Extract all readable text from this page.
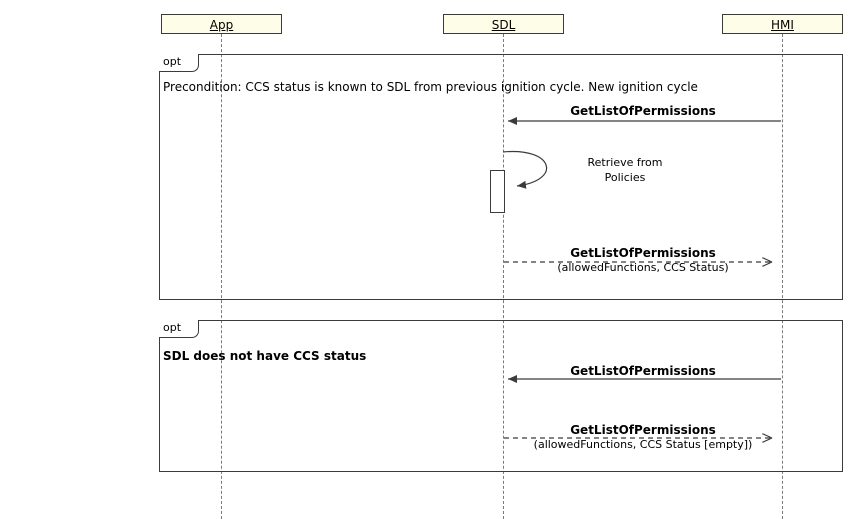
App	SDL	HMI
opt
Precondition: CCS status is known to SDL from previous ignition cycle. New ignition cycle
GetListOfPermissions
Retrieve from
Policies
GetListOfPermissions
(allowedFunctions, CCS Status)
opt
SDL does not have CCS status
GetListOfPermissions
GetListOfPermissions
(allowedFunctions, CCS Status [empty])
